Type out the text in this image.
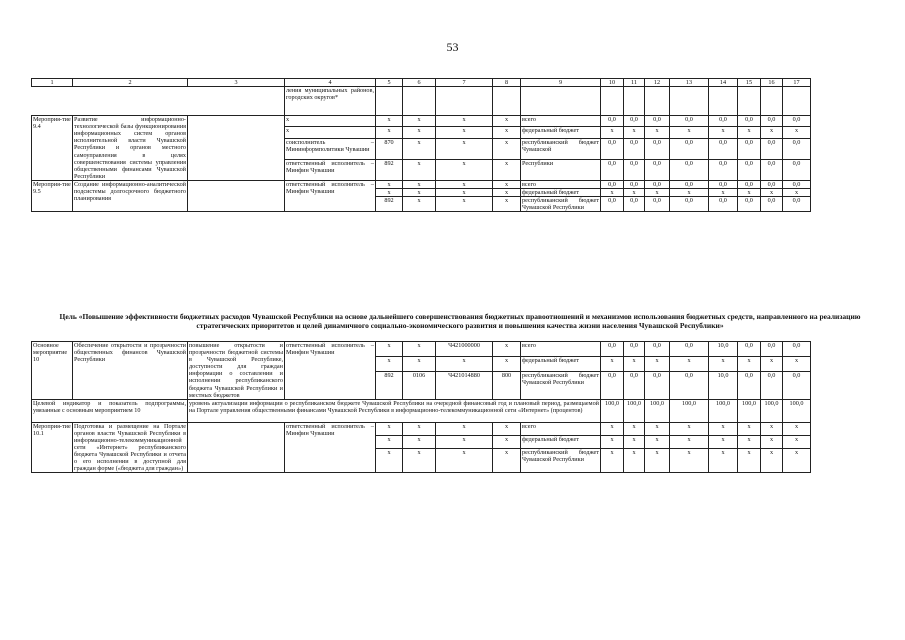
53
1	2	3	4	5	6	7	8	9	10	11	12	13	14	15	16	17
			ления муниципальных районов, городских округов*													
Мероприя-тие 9.4	Развитие информационно-технологической базы функционирования информационных систем органов исполнительной власти Чувашской Республики и органов местного самоуправления в целях совершенствования системы управления общественными финансами Чувашской Республики		x	x	x	x	x	всего	0,0	0,0	0,0	0,0	0,0	0,0	0,0	0,0
			x	x	x	x	x	федеральный бюджет	x	x	x	x	x	x	x	x
			соисполнитель – Мининформполитики Чувашии	870	x	x	x	республиканский бюджет Чувашской	0,0	0,0	0,0	0,0	0,0	0,0	0,0	0,0
			ответственный исполнитель – Минфин Чувашии	892	x	x	x	Республики	0,0	0,0	0,0	0,0	0,0	0,0	0,0	0,0
Мероприя-тие 9.5	Создание информационно-аналитической подсистемы долгосрочного бюджетного планирования		ответственный исполнитель – Минфин Чувашии	x	x	x	x	всего	0,0	0,0	0,0	0,0	0,0	0,0	0,0	0,0
				x	x	x	x	федеральный бюджет	x	x	x	x	x	x	x	x
				892	x	x	x	республиканский бюджет Чувашской Республики	0,0	0,0	0,0	0,0	0,0	0,0	0,0	0,0
Цель «Повышение эффективности бюджетных расходов Чувашской Республики на основе дальнейшего совершенствования бюджетных правоотношений и механизмов использования бюджетных средств, направленного на реализацию стратегических приоритетов и целей динамичного социально-экономического развития и повышения качества жизни населения Чувашской Республики»
Основное мероприятие 10	Обеспечение открытости и прозрачности общественных финансов Чувашской Республики	повышение открытости и прозрачности бюджетной системы в Чувашской Республике, доступности для граждан информации о составлении и исполнении республиканского бюджета Чувашской Республики и местных бюджетов	ответственный исполнитель – Минфин Чувашии	x	x	Ч421000000	x	всего	0,0	0,0	0,0	0,0	10,0	0,0	0,0	0,0
				x	x	x	x	федеральный бюджет	x	x	x	x	x	x	x	x
				892	0106	Ч421014880	800	республиканский бюджет Чувашской Республики	0,0	0,0	0,0	0,0	10,0	0,0	0,0	0,0
Целевой индикатор и показатель подпрограммы, увязанные с основным мероприятием 10		уровень актуализации информации о республиканском бюджете Чувашской Республики на очередной финансовый год и плановый период, размещаемой на Портале управления общественными финансами Чувашской Республики в информационно-телекоммуникационной сети «Интернет» (процентов)							100,0	100,0	100,0	100,0	100,0	100,0	100,0	100,0
Мероприя-тие 10.1	Подготовка и размещение на Портале органов власти Чувашской Республики в информационно-телекоммуникационной сети «Интернет» республиканского бюджета Чувашской Республики и отчета о его исполнении в доступной для граждан форме («бюджета для граждан»)		ответственный исполнитель – Минфин Чувашии	x	x	x	x	всего	x	x	x	x	x	x	x	x
				x	x	x	x	федеральный бюджет	x	x	x	x	x	x	x	x
				x	x	x	x	республиканский бюджет Чувашской Республики	x	x	x	x	x	x	x	x
